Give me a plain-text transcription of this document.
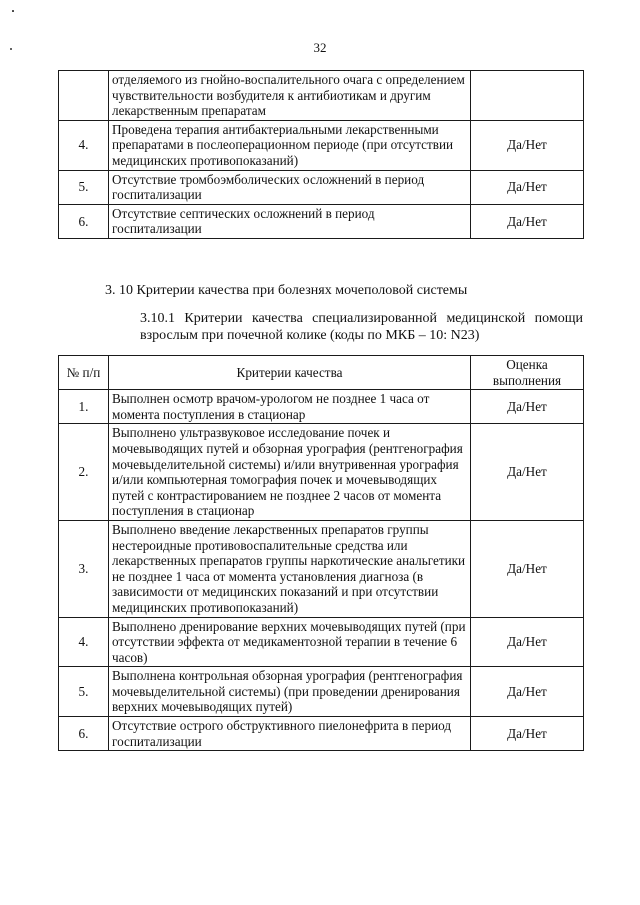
32
	отделяемого из гнойно-воспалительного очага с определением чувствительности возбудителя к антибиотикам и другим лекарственным препаратам	
4.	Проведена терапия антибактериальными лекарственными препаратами в послеоперационном периоде (при отсутствии медицинских противопоказаний)	Да/Нет
5.	Отсутствие тромбоэмболических осложнений в период госпитализации	Да/Нет
6.	Отсутствие септических осложнений в период госпитализации	Да/Нет
3. 10 Критерии качества при болезнях мочеполовой системы
3.10.1 Критерии качества специализированной медицинской помощи взрослым при почечной колике (коды по МКБ – 10: N23)
№ п/п	Критерии качества	Оценка выполнения
1.	Выполнен осмотр врачом-урологом не позднее 1 часа от момента поступления в стационар	Да/Нет
2.	Выполнено ультразвуковое исследование почек и мочевыводящих путей и обзорная урография (рентгенография мочевыделительной системы) и/или внутривенная урография и/или компьютерная томография почек и мочевыводящих путей с контрастированием не позднее 2 часов от момента поступления в стационар	Да/Нет
3.	Выполнено введение лекарственных препаратов группы нестероидные противовоспалительные средства или лекарственных препаратов группы наркотические анальгетики не позднее 1 часа от момента установления диагноза (в зависимости от медицинских показаний и при отсутствии медицинских противопоказаний)	Да/Нет
4.	Выполнено дренирование верхних мочевыводящих путей (при отсутствии эффекта от медикаментозной терапии в течение 6 часов)	Да/Нет
5.	Выполнена контрольная обзорная урография (рентгенография мочевыделительной системы) (при проведении дренирования верхних мочевыводящих путей)	Да/Нет
6.	Отсутствие острого обструктивного пиелонефрита в период госпитализации	Да/Нет
